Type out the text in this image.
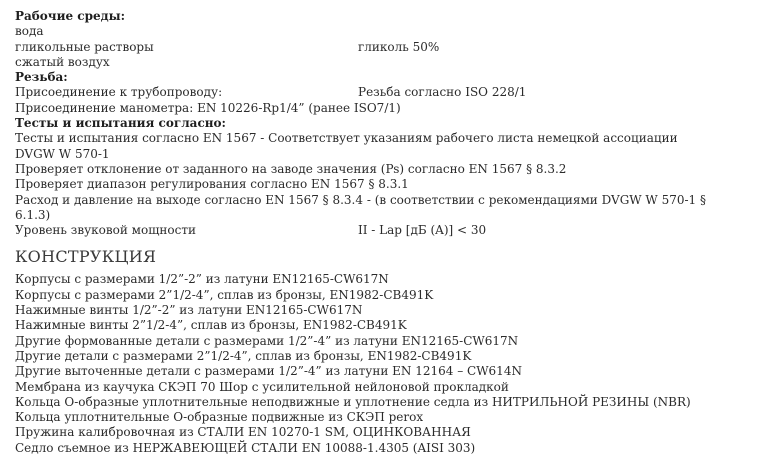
Рабочие среды:
вода
гликольные растворы	гликоль 50%
сжатый воздух
Резьба:
Присоединение к трубопроводу:	Резьба согласно ISO 228/1
Присоединение манометра: EN 10226-Rp1/4” (ранее ISO7/1)
Тесты и испытания согласно:
Тесты и испытания согласно EN 1567 - Соответствует указаниям рабочего листа немецкой ассоциации DVGW W 570-1
Проверяет отклонение от заданного на заводе значения (Ps) согласно EN 1567 § 8.3.2
Проверяет диапазон регулирования согласно EN 1567 § 8.3.1
Расход и давление на выходе согласно EN 1567 § 8.3.4 - (в соответствии с рекомендациями DVGW W 570-1 § 6.1.3)
Уровень звуковой мощности	II - Lap [дБ (A)] < 30
КОНСТРУКЦИЯ
Корпусы с размерами 1/2”-2” из латуни EN12165-CW617N
Корпусы с размерами 2”1/2-4”, сплав из бронзы, EN1982-CB491K
Нажимные винты 1/2”-2” из латуни EN12165-CW617N
Нажимные винты 2”1/2-4”, сплав из бронзы, EN1982-CB491K
Другие формованные детали с размерами 1/2”-4” из латуни EN12165-CW617N
Другие детали с размерами 2”1/2-4”, сплав из бронзы, EN1982-CB491K
Другие выточенные детали с размерами 1/2”-4” из латуни EN 12164 – CW614N
Мембрана из каучука СКЭП 70 Шор с усилительной нейлоновой прокладкой
Кольца О-образные уплотнительные неподвижные и уплотнение седла из НИТРИЛЬНОЙ РЕЗИНЫ (NBR)
Кольца уплотнительные О-образные подвижные из СКЭП perox
Пружина калибровочная из СТАЛИ EN 10270-1 SM, ОЦИНКОВАННАЯ
Седло съемное из НЕРЖАВЕЮЩЕЙ СТАЛИ EN 10088-1.4305 (AISI 303)
